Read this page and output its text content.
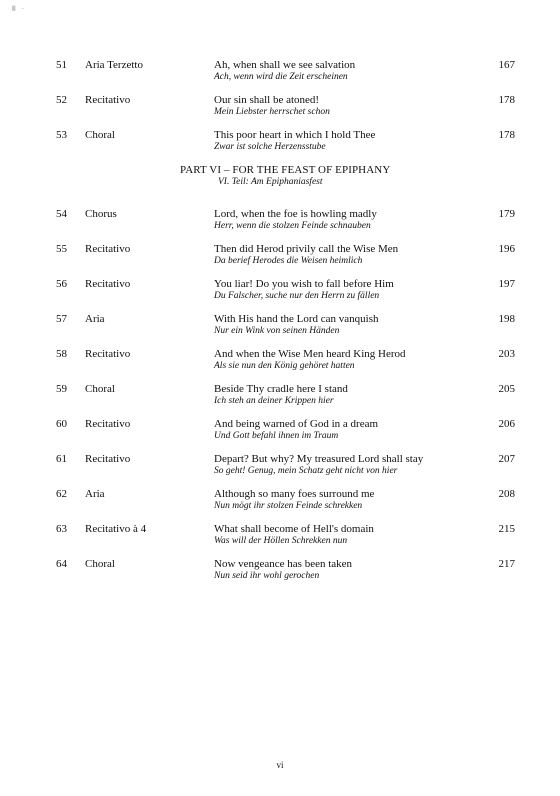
▘ ˉ
51 Aria Terzetto	Ah, when shall we see salvation
Ach, wenn wird die Zeit erscheinen
167
52 Recitativo	Our sin shall be atoned!
Mein Liebster herrschet schon
178
53 Choral	This poor heart in which I hold Thee
Zwar ist solche Herzensstube
178
PART VI – FOR THE FEAST OF EPIPHANY
VI. Teil: Am Epiphaniasfest
54 Chorus	Lord, when the foe is howling madly
Herr, wenn die stolzen Feinde schnauben
179
55 Recitativo	Then did Herod privily call the Wise Men
Da berief Herodes die Weisen heimlich
196
56 Recitativo	You liar! Do you wish to fall before Him
Du Falscher, suche nur den Herrn zu fällen
197
57 Aria	With His hand the Lord can vanquish
Nur ein Wink von seinen Händen
198
58 Recitativo	And when the Wise Men heard King Herod
Als sie nun den König gehöret hatten
203
59 Choral	Beside Thy cradle here I stand
Ich steh an deiner Krippen hier
205
60 Recitativo	And being warned of God in a dream
Und Gott befahl ihnen im Traum
206
61 Recitativo	Depart? But why? My treasured Lord shall stay
So geht! Genug, mein Schatz geht nicht von hier
207
62 Aria	Although so many foes surround me
Nun mögt ihr stolzen Feinde schrekken
208
63 Recitativo à 4	What shall become of Hell's domain
Was will der Höllen Schrekken nun
215
64 Choral	Now vengeance has been taken
Nun seid ihr wohl gerochen
217
vi
